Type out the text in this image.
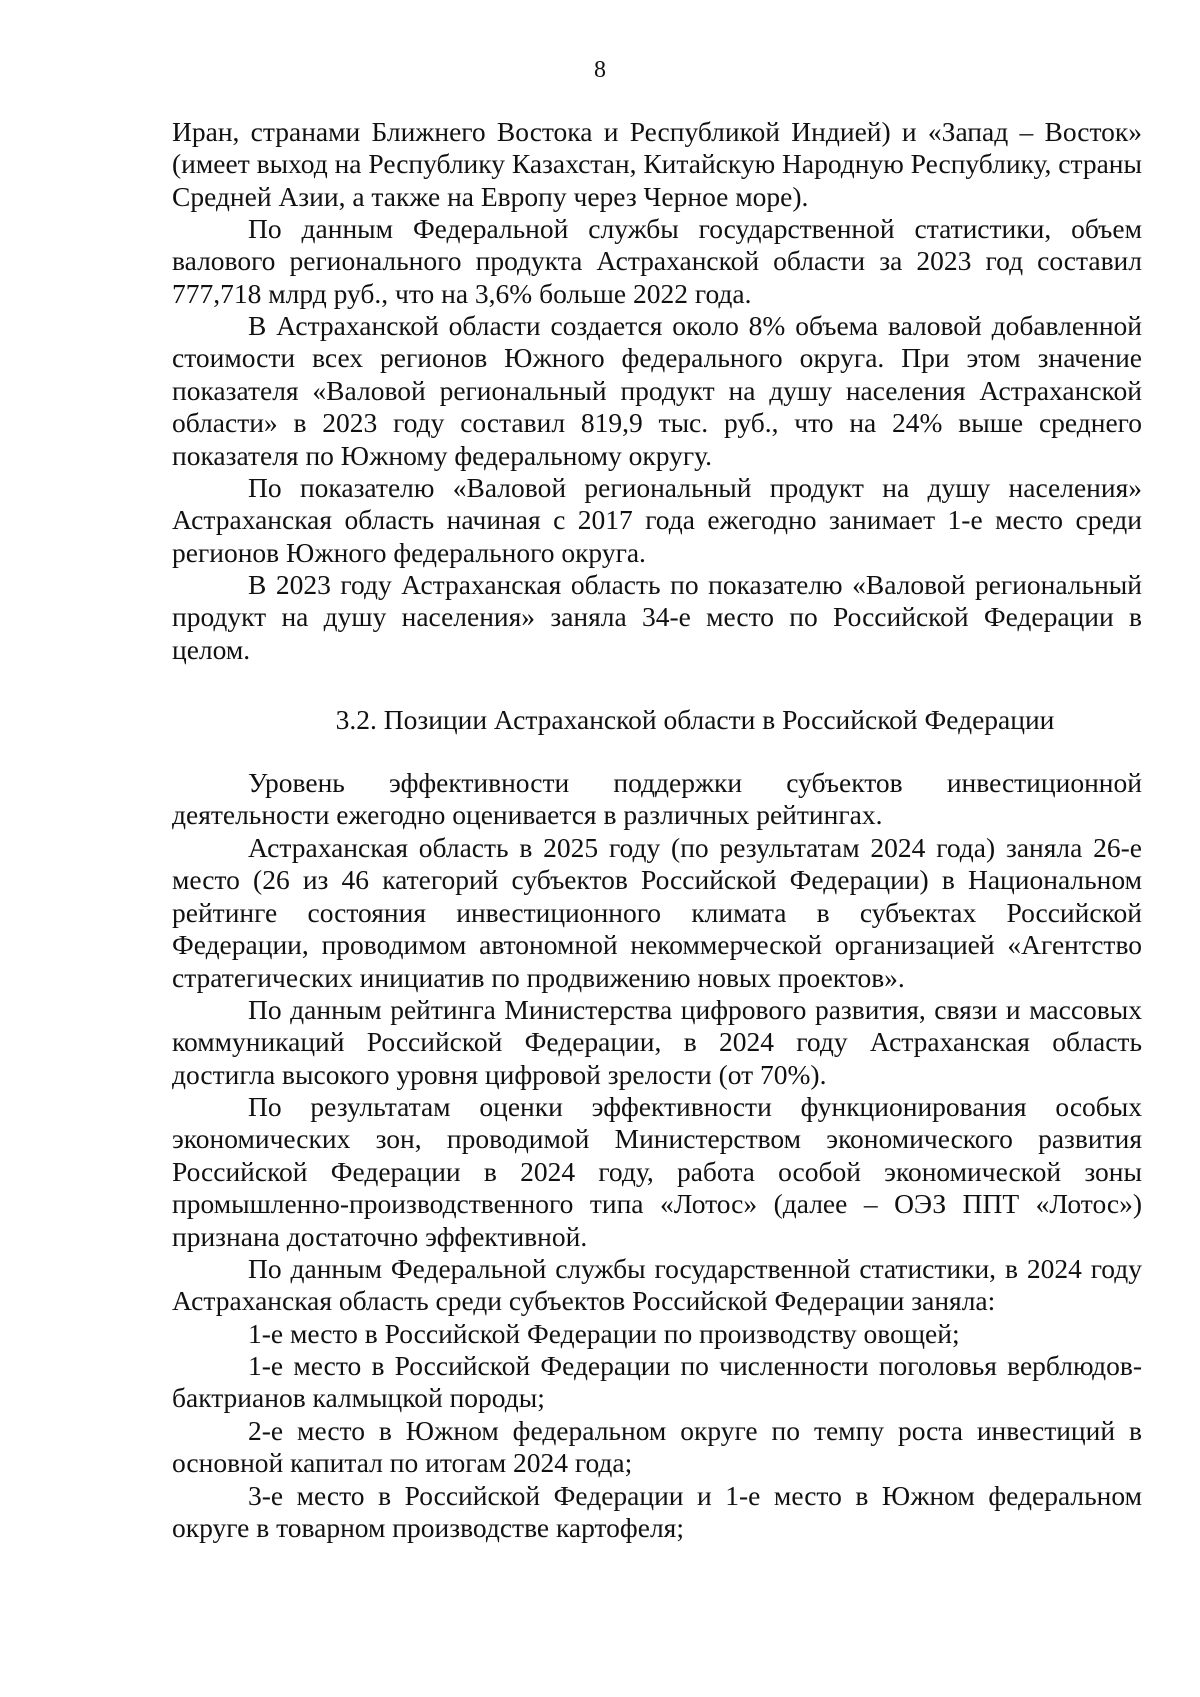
8

Иран, странами Ближнего Востока и Республикой Индией) и «Запад – Восток» (имеет выход на Республику Казахстан, Китайскую Народную Республику, страны Средней Азии, а также на Европу через Черное море).

По данным Федеральной службы государственной статистики, объем валового регионального продукта Астраханской области за 2023 год составил 777,718 млрд руб., что на 3,6% больше 2022 года.

В Астраханской области создается около 8% объема валовой добавленной стоимости всех регионов Южного федерального округа. При этом значение показателя «Валовой региональный продукт на душу населения Астраханской области» в 2023 году составил 819,9 тыс. руб., что на 24% выше среднего показателя по Южному федеральному округу.

По показателю «Валовой региональный продукт на душу населения» Астраханская область начиная с 2017 года ежегодно занимает 1-е место среди регионов Южного федерального округа.

В 2023 году Астраханская область по показателю «Валовой региональный продукт на душу населения» заняла 34-е место по Российской Федерации в целом.

3.2. Позиции Астраханской области в Российской Федерации

Уровень эффективности поддержки субъектов инвестиционной деятельности ежегодно оценивается в различных рейтингах.

Астраханская область в 2025 году (по результатам 2024 года) заняла 26-е место (26 из 46 категорий субъектов Российской Федерации) в Национальном рейтинге состояния инвестиционного климата в субъектах Российской Федерации, проводимом автономной некоммерческой организацией «Агентство стратегических инициатив по продвижению новых проектов».

По данным рейтинга Министерства цифрового развития, связи и массовых коммуникаций Российской Федерации, в 2024 году Астраханская область достигла высокого уровня цифровой зрелости (от 70%).

По результатам оценки эффективности функционирования особых экономических зон, проводимой Министерством экономического развития Российской Федерации в 2024 году, работа особой экономической зоны промышленно-производственного типа «Лотос» (далее – ОЭЗ ППТ «Лотос») признана достаточно эффективной.

По данным Федеральной службы государственной статистики, в 2024 году Астраханская область среди субъектов Российской Федерации заняла:

1-е место в Российской Федерации по производству овощей;

1-е место в Российской Федерации по численности поголовья верблюдов-бактрианов калмыцкой породы;

2-е место в Южном федеральном округе по темпу роста инвестиций в основной капитал по итогам 2024 года;

3-е место в Российской Федерации и 1-е место в Южном федеральном округе в товарном производстве картофеля;
